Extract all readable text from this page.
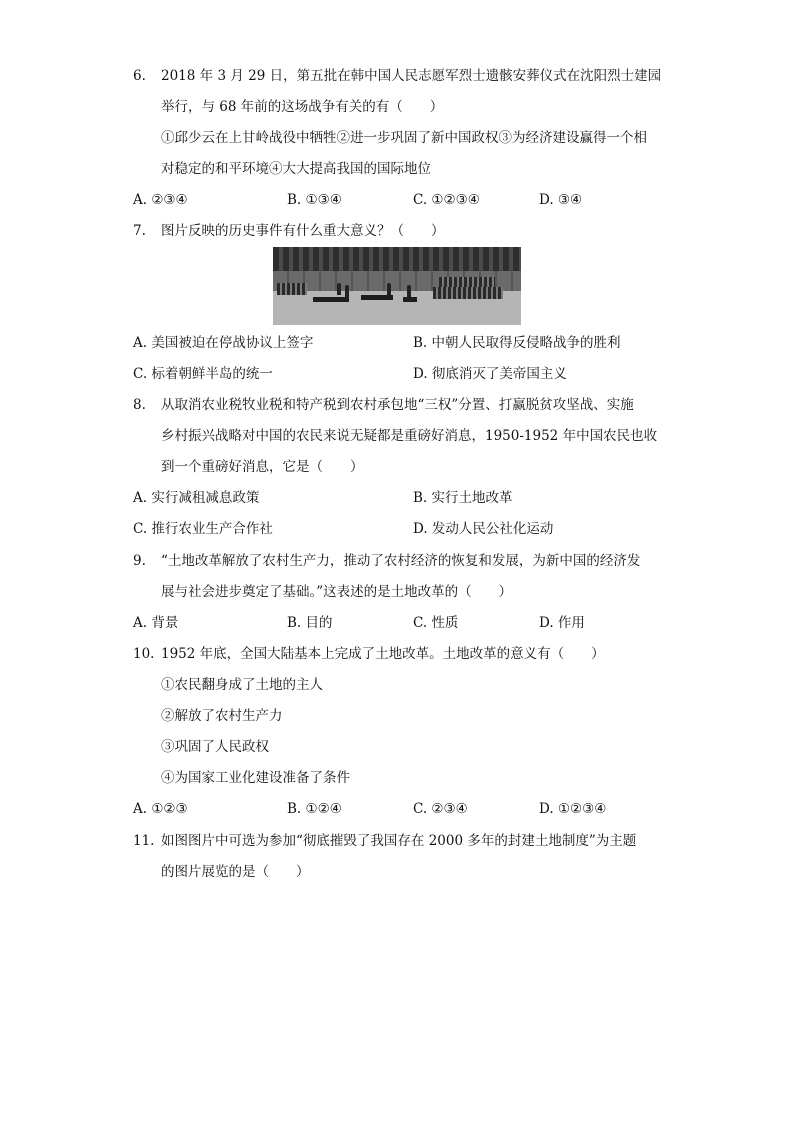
6. 2018 年 3 月 29 日，第五批在韩中国人民志愿军烈士遗骸安葬仪式在沈阳烈士建园
举行，与 68 年前的这场战争有关的有（　　）
①邱少云在上甘岭战役中牺牲②进一步巩固了新中国政权③为经济建设赢得一个相
对稳定的和平环境④大大提高我国的国际地位
A. ②③④	B. ①③④	C. ①②③④	D. ③④
7. 图片反映的历史事件有什么重大意义？（　　）
A. 美国被迫在停战协议上签字	B. 中朝人民取得反侵略战争的胜利
C. 标着朝鲜半岛的统一	D. 彻底消灭了美帝国主义
8. 从取消农业税牧业税和特产税到农村承包地“三权”分置、打赢脱贫攻坚战、实施
乡村振兴战略对中国的农民来说无疑都是重磅好消息，1950-1952 年中国农民也收
到一个重磅好消息，它是（　　）
A. 实行减租减息政策	B. 实行土地改革
C. 推行农业生产合作社	D. 发动人民公社化运动
9. “土地改革解放了农村生产力，推动了农村经济的恢复和发展，为新中国的经济发
展与社会进步奠定了基础。”这表述的是土地改革的（　　）
A. 背景	B. 目的	C. 性质	D. 作用
10. 1952 年底，全国大陆基本上完成了土地改革。土地改革的意义有（　　）
①农民翻身成了土地的主人
②解放了农村生产力
③巩固了人民政权
④为国家工业化建设准备了条件
A. ①②③	B. ①②④	C. ②③④	D. ①②③④
11. 如图图片中可选为参加“彻底摧毁了我国存在 2000 多年的封建土地制度”为主题
的图片展览的是（　　）
